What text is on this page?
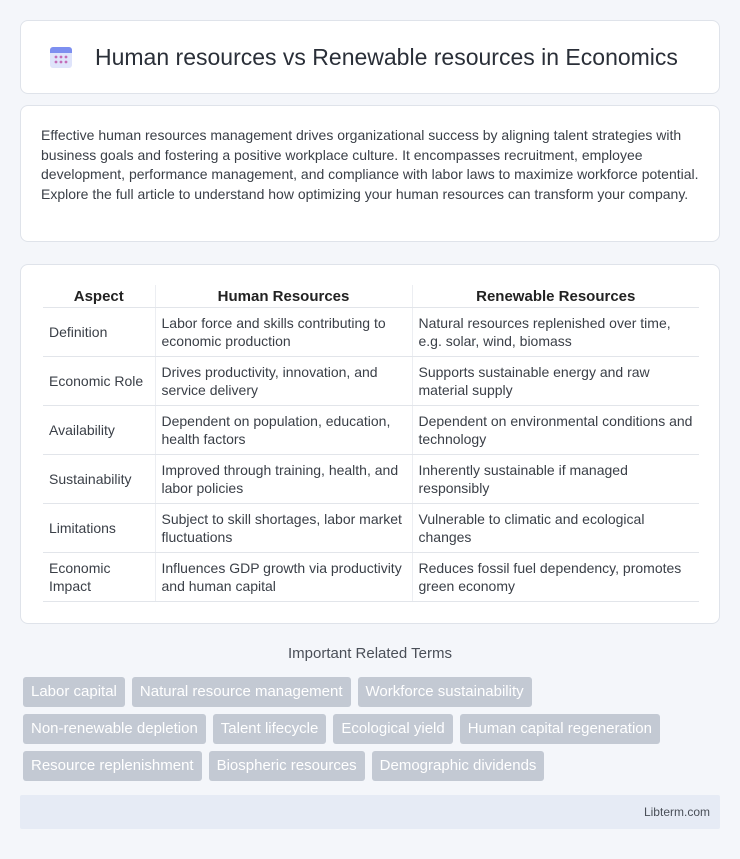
Human resources vs Renewable resources in Economics

Effective human resources management drives organizational success by aligning talent strategies with business goals and fostering a positive workplace culture. It encompasses recruitment, employee development, performance management, and compliance with labor laws to maximize workforce potential. Explore the full article to understand how optimizing your human resources can transform your company.

Aspect	Human Resources	Renewable Resources
Definition	Labor force and skills contributing to economic production	Natural resources replenished over time, e.g. solar, wind, biomass
Economic Role	Drives productivity, innovation, and service delivery	Supports sustainable energy and raw material supply
Availability	Dependent on population, education, health factors	Dependent on environmental conditions and technology
Sustainability	Improved through training, health, and labor policies	Inherently sustainable if managed responsibly
Limitations	Subject to skill shortages, labor market fluctuations	Vulnerable to climatic and ecological changes
Economic Impact	Influences GDP growth via productivity and human capital	Reduces fossil fuel dependency, promotes green economy
Important Related Terms
Labor capital	Natural resource management	Workforce sustainability
Non-renewable depletion	Talent lifecycle	Ecological yield	Human capital regeneration
Resource replenishment	Biospheric resources	Demographic dividends
Libterm.com
